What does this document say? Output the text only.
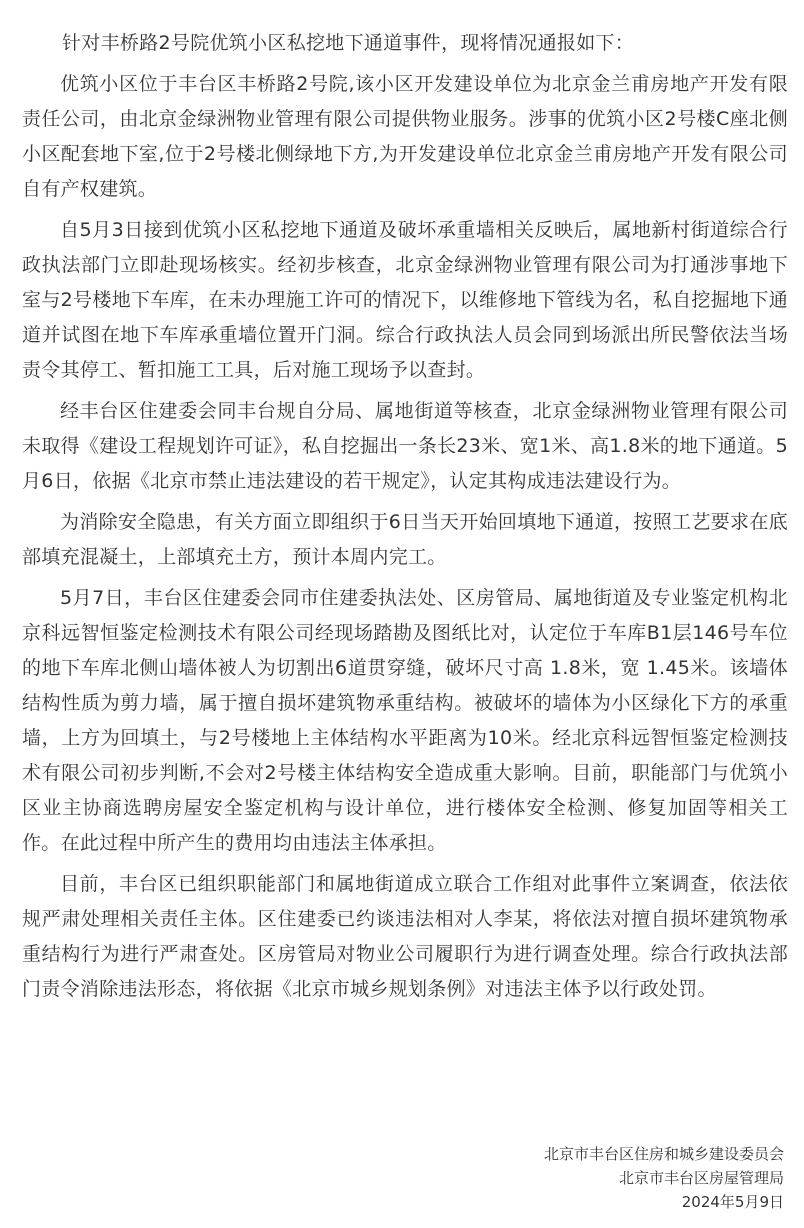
针对丰桥路2号院优筑小区私挖地下通道事件，现将情况通报如下：

优筑小区位于丰台区丰桥路2号院,该小区开发建设单位为北京金兰甫房地产开发有限责任公司，由北京金绿洲物业管理有限公司提供物业服务。涉事的优筑小区2号楼C座北侧小区配套地下室,位于2号楼北侧绿地下方,为开发建设单位北京金兰甫房地产开发有限公司自有产权建筑。

自5月3日接到优筑小区私挖地下通道及破坏承重墙相关反映后，属地新村街道综合行政执法部门立即赴现场核实。经初步核查，北京金绿洲物业管理有限公司为打通涉事地下室与2号楼地下车库，在未办理施工许可的情况下，以维修地下管线为名，私自挖掘地下通道并试图在地下车库承重墙位置开门洞。综合行政执法人员会同到场派出所民警依法当场责令其停工、暂扣施工工具，后对施工现场予以查封。

经丰台区住建委会同丰台规自分局、属地街道等核查，北京金绿洲物业管理有限公司未取得《建设工程规划许可证》，私自挖掘出一条长23米、宽1米、高1.8米的地下通道。5月6日，依据《北京市禁止违法建设的若干规定》，认定其构成违法建设行为。

为消除安全隐患，有关方面立即组织于6日当天开始回填地下通道，按照工艺要求在底部填充混凝土，上部填充土方，预计本周内完工。

5月7日，丰台区住建委会同市住建委执法处、区房管局、属地街道及专业鉴定机构北京科远智恒鉴定检测技术有限公司经现场踏勘及图纸比对，认定位于车库B1层146号车位的地下车库北侧山墙体被人为切割出6道贯穿缝，破坏尺寸高 1.8米，宽 1.45米。该墙体结构性质为剪力墙，属于擅自损坏建筑物承重结构。被破坏的墙体为小区绿化下方的承重墙，上方为回填土，与2号楼地上主体结构水平距离为10米。经北京科远智恒鉴定检测技术有限公司初步判断,不会对2号楼主体结构安全造成重大影响。目前，职能部门与优筑小区业主协商选聘房屋安全鉴定机构与设计单位，进行楼体安全检测、修复加固等相关工作。在此过程中所产生的费用均由违法主体承担。

目前，丰台区已组织职能部门和属地街道成立联合工作组对此事件立案调查，依法依规严肃处理相关责任主体。区住建委已约谈违法相对人李某，将依法对擅自损坏建筑物承重结构行为进行严肃查处。区房管局对物业公司履职行为进行调查处理。综合行政执法部门责令消除违法形态，将依据《北京市城乡规划条例》对违法主体予以行政处罚。

北京市丰台区住房和城乡建设委员会
北京市丰台区房屋管理局
2024年5月9日
